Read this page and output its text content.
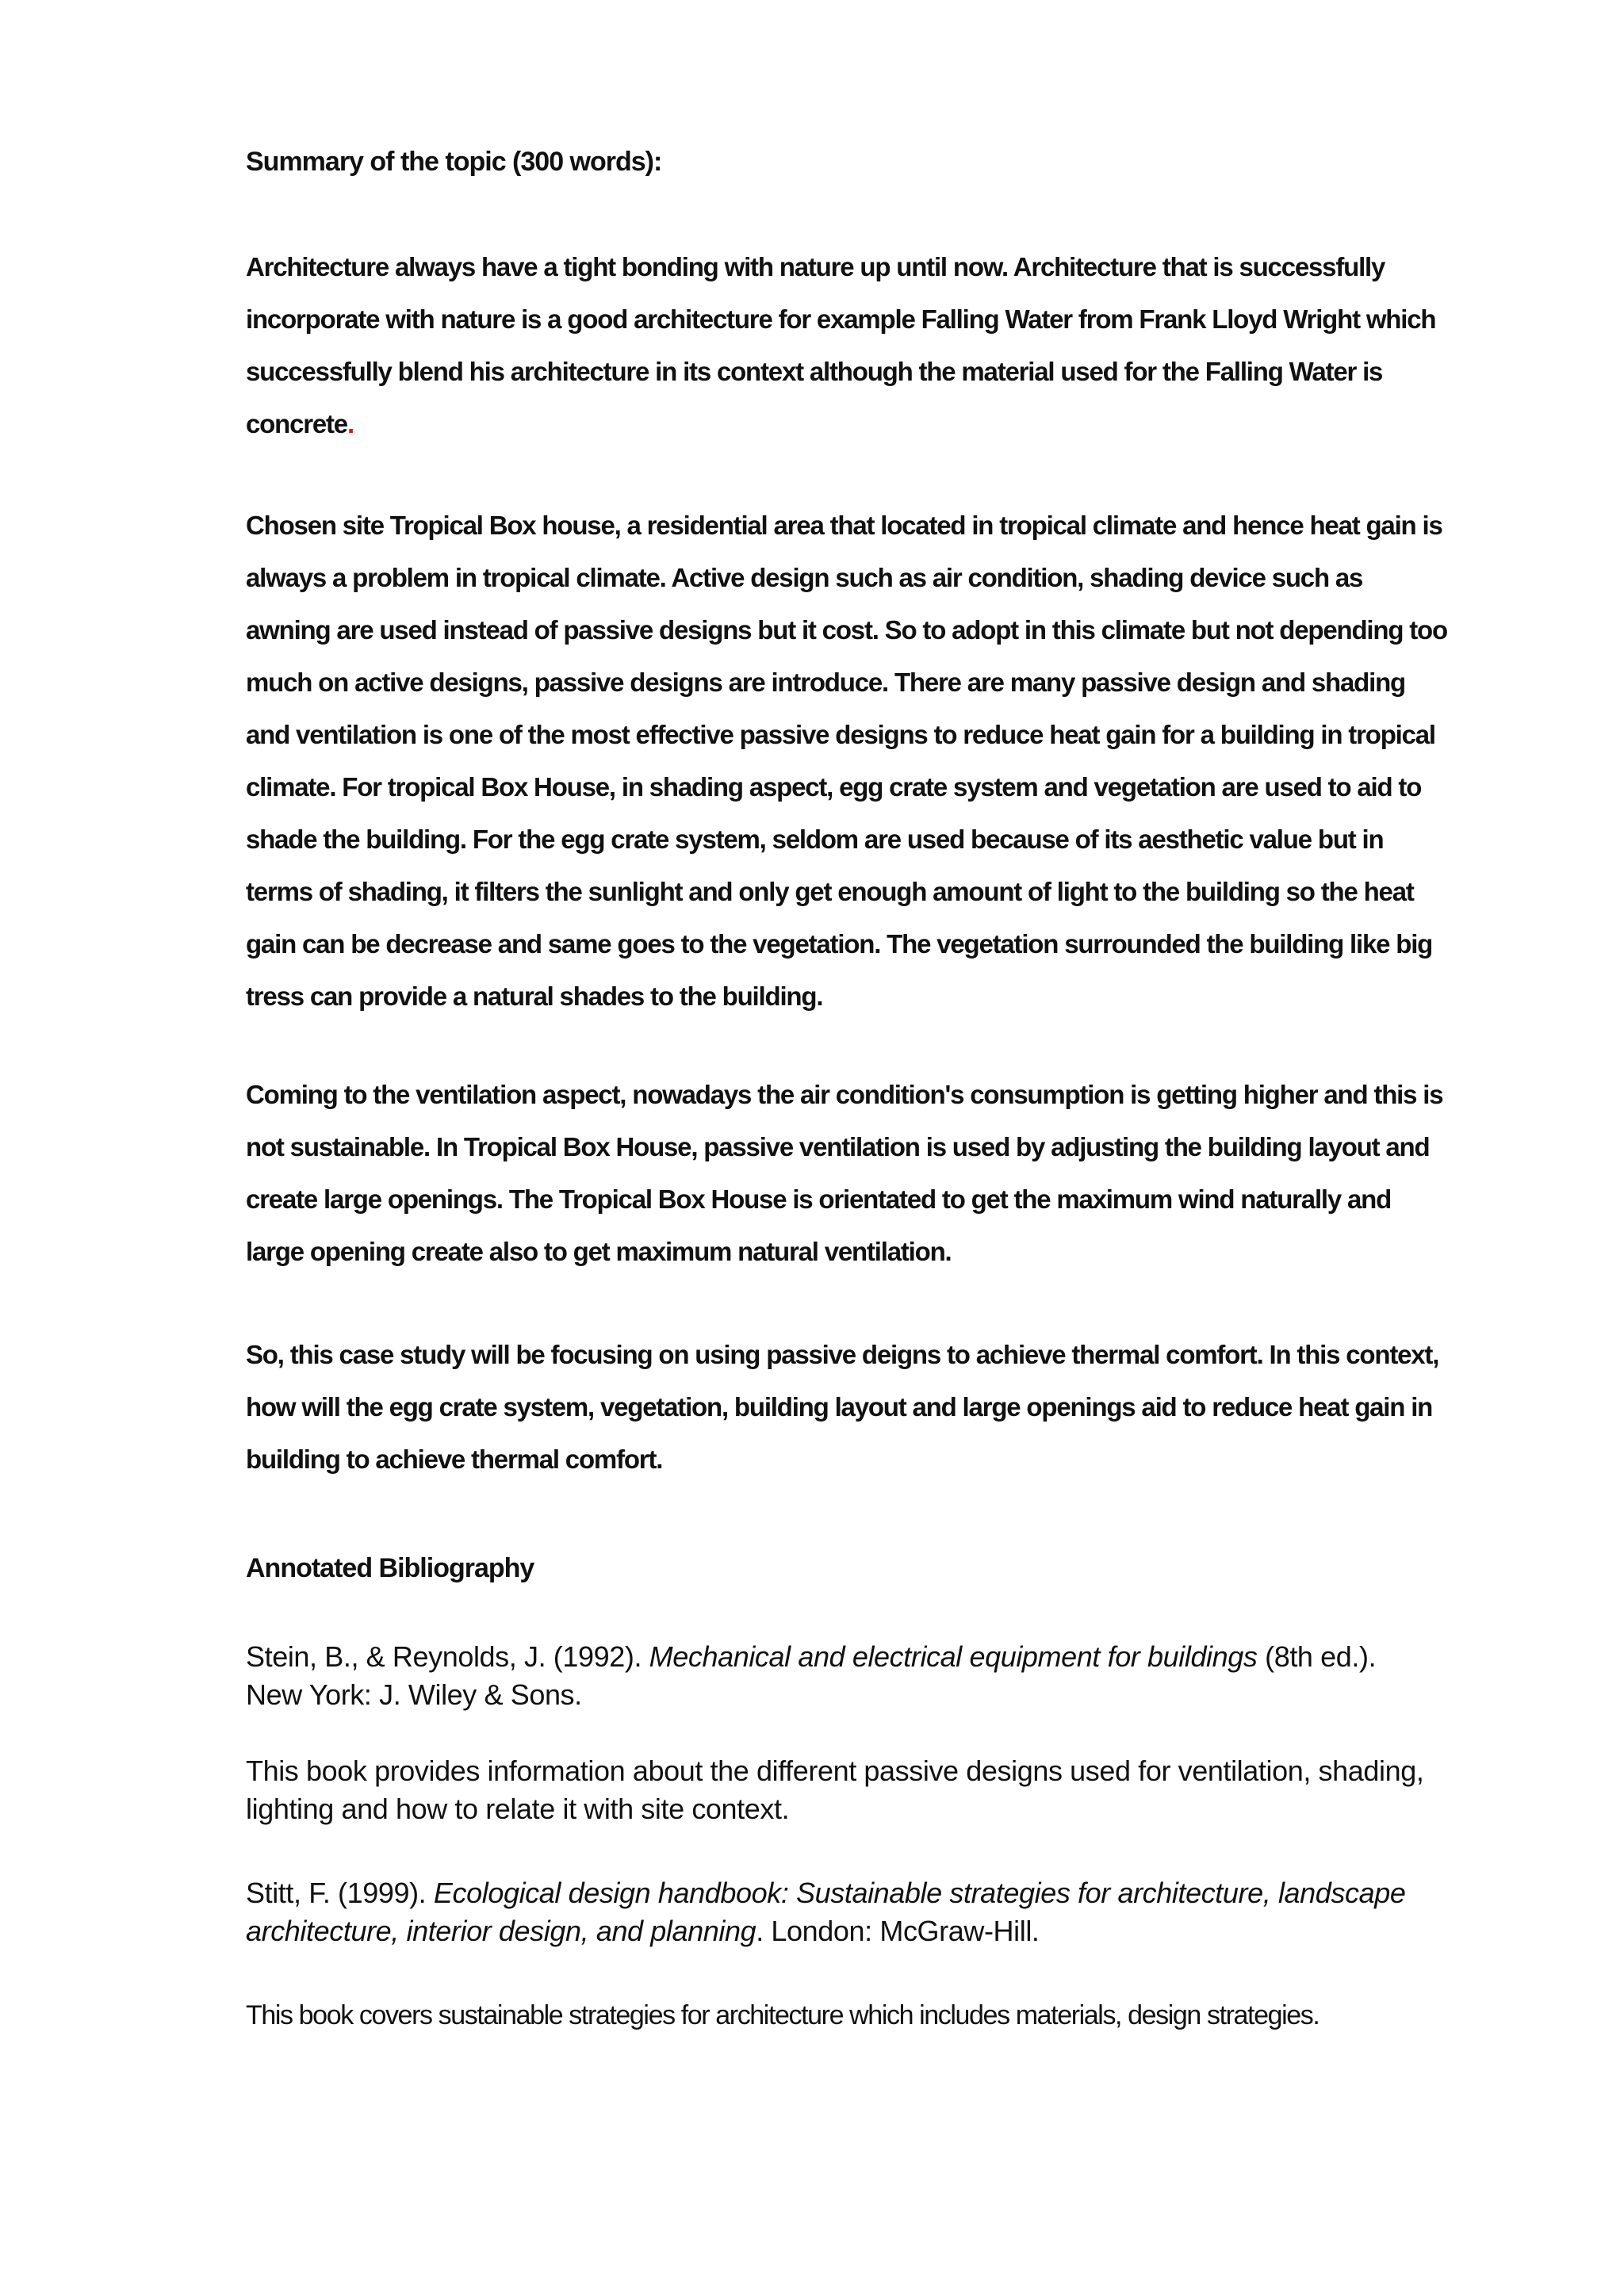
Summary of the topic (300 words):

Architecture always have a tight bonding with nature up until now. Architecture that is successfully incorporate with nature is a good architecture for example Falling Water from Frank Lloyd Wright which successfully blend his architecture in its context although the material used for the Falling Water is concrete.

Chosen site Tropical Box house, a residential area that located in tropical climate and hence heat gain is always a problem in tropical climate. Active design such as air condition, shading device such as awning are used instead of passive designs but it cost. So to adopt in this climate but not depending too much on active designs, passive designs are introduce. There are many passive design and shading and ventilation is one of the most effective passive designs to reduce heat gain for a building in tropical climate. For tropical Box House, in shading aspect, egg crate system and vegetation are used to aid to shade the building. For the egg crate system, seldom are used because of its aesthetic value but in terms of shading, it filters the sunlight and only get enough amount of light to the building so the heat gain can be decrease and same goes to the vegetation. The vegetation surrounded the building like big tress can provide a natural shades to the building.

Coming to the ventilation aspect, nowadays the air condition's consumption is getting higher and this is not sustainable. In Tropical Box House, passive ventilation is used by adjusting the building layout and create large openings. The Tropical Box House is orientated to get the maximum wind naturally and large opening create also to get maximum natural ventilation.

So, this case study will be focusing on using passive deigns to achieve thermal comfort. In this context, how will the egg crate system, vegetation, building layout and large openings aid to reduce heat gain in building to achieve thermal comfort.

Annotated Bibliography

Stein, B., & Reynolds, J. (1992). Mechanical and electrical equipment for buildings (8th ed.). New York: J. Wiley & Sons.

This book provides information about the different passive designs used for ventilation, shading, lighting and how to relate it with site context.

Stitt, F. (1999). Ecological design handbook: Sustainable strategies for architecture, landscape architecture, interior design, and planning. London: McGraw-Hill.

This book covers sustainable strategies for architecture which includes materials, design strategies.
